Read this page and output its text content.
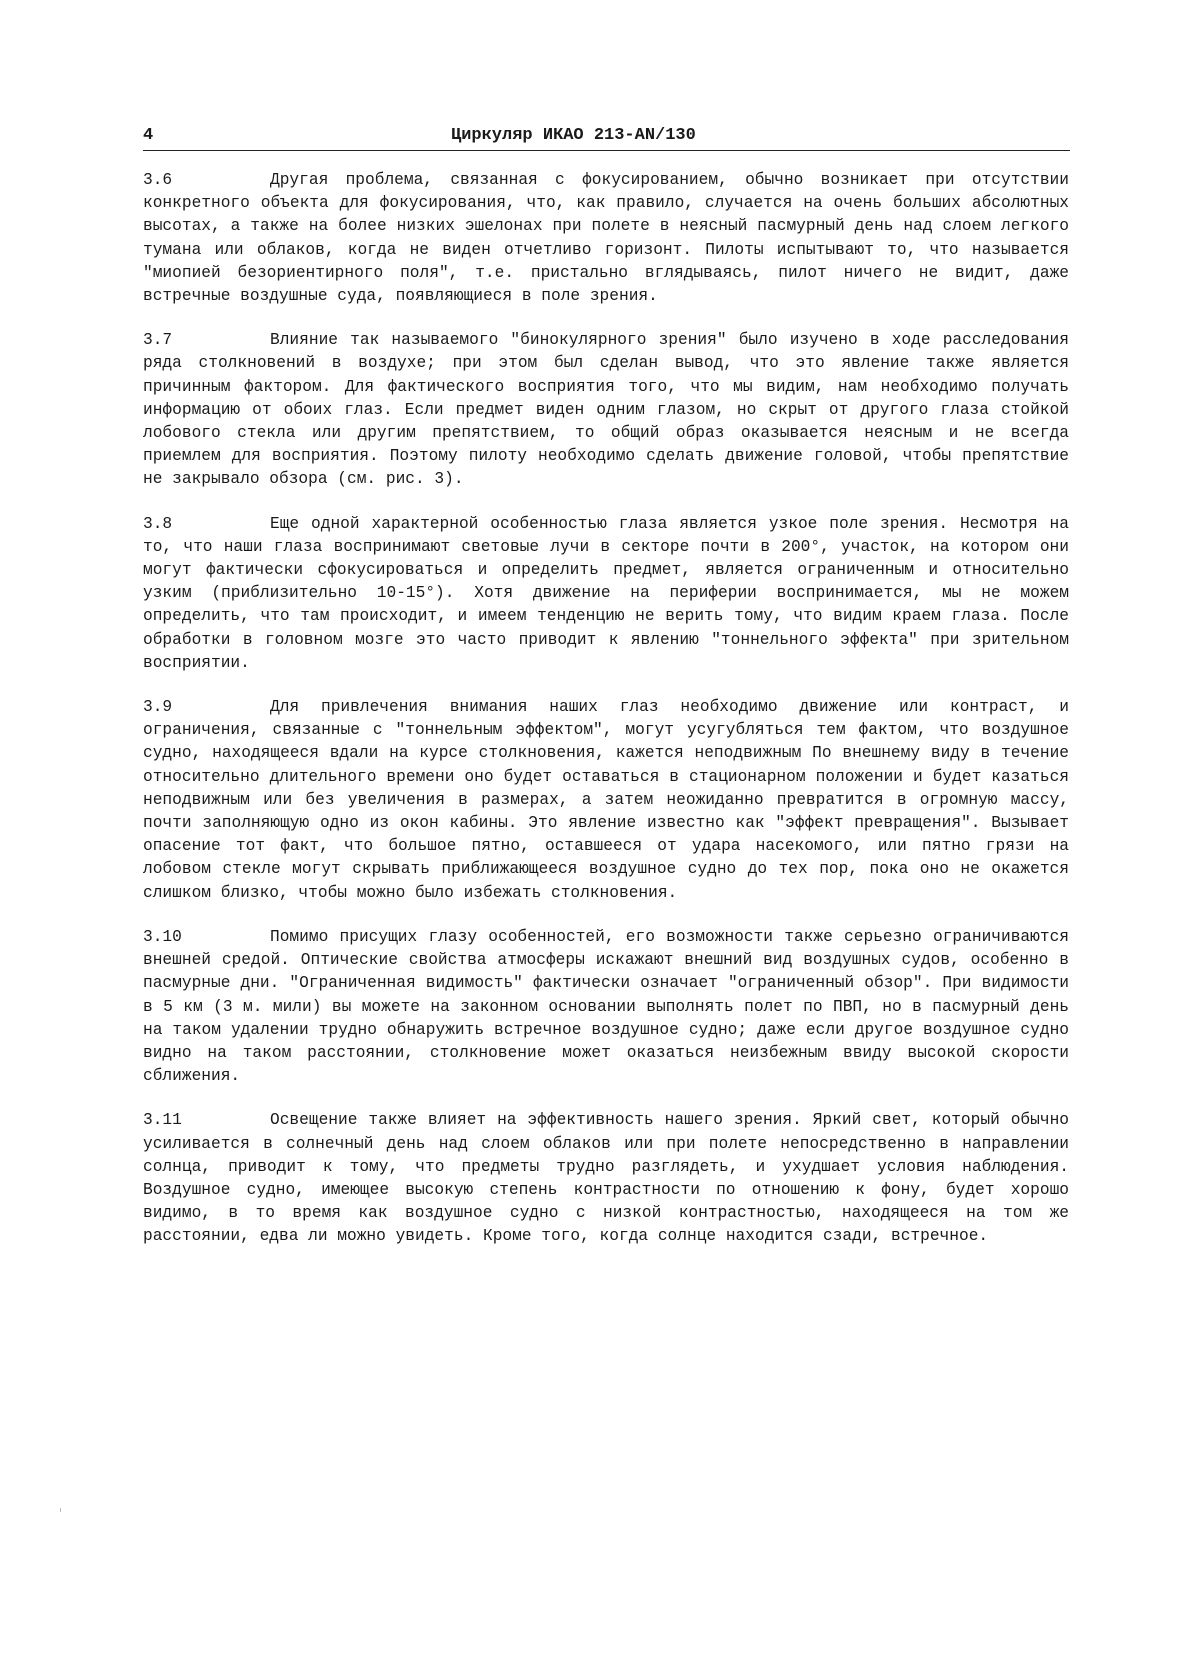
4	Циркуляр ИКАО 213-AN/130

3.6	Другая проблема, связанная с фокусированием, обычно возникает при отсутствии конкретного объекта для фокусирования, что, как правило, случается на очень больших абсолютных высотах, а также на более низких эшелонах при полете в неясный пасмурный день над слоем легкого тумана или облаков, когда не виден отчетливо горизонт. Пилоты испытывают то, что называется "миопией безориентирного поля", т.е. пристально вглядываясь, пилот ничего не видит, даже встречные воздушные суда, появляющиеся в поле зрения.

3.7	Влияние так называемого "бинокулярного зрения" было изучено в ходе расследования ряда столкновений в воздухе; при этом был сделан вывод, что это явление также является причинным фактором. Для фактического восприятия того, что мы видим, нам необходимо получать информацию от обоих глаз. Если предмет виден одним глазом, но скрыт от другого глаза стойкой лобового стекла или другим препятствием, то общий образ оказывается неясным и не всегда приемлем для восприятия. Поэтому пилоту необходимо сделать движение головой, чтобы препятствие не закрывало обзора (см. рис. 3).

3.8	Еще одной характерной особенностью глаза является узкое поле зрения. Несмотря на то, что наши глаза воспринимают световые лучи в секторе почти в 200°, участок, на котором они могут фактически сфокусироваться и определить предмет, является ограниченным и относительно узким (приблизительно 10-15°). Хотя движение на периферии воспринимается, мы не можем определить, что там происходит, и имеем тенденцию не верить тому, что видим краем глаза. После обработки в головном мозге это часто приводит к явлению "тоннельного эффекта" при зрительном восприятии.

3.9	Для привлечения внимания наших глаз необходимо движение или контраст, и ограничения, связанные с "тоннельным эффектом", могут усугубляться тем фактом, что воздушное судно, находящееся вдали на курсе столкновения, кажется неподвижным По внешнему виду в течение относительно длительного времени оно будет оставаться в стационарном положении и будет казаться неподвижным или без увеличения в размерах, а затем неожиданно превратится в огромную массу, почти заполняющую одно из окон кабины. Это явление известно как "эффект превращения". Вызывает опасение тот факт, что большое пятно, оставшееся от удара насекомого, или пятно грязи на лобовом стекле могут скрывать приближающееся воздушное судно до тех пор, пока оно не окажется слишком близко, чтобы можно было избежать столкновения.

3.10	Помимо присущих глазу особенностей, его возможности также серьезно ограничиваются внешней средой. Оптические свойства атмосферы искажают внешний вид воздушных судов, особенно в пасмурные дни. "Ограниченная видимость" фактически означает "ограниченный обзор". При видимости в 5 км (3 м. мили) вы можете на законном основании выполнять полет по ПВП, но в пасмурный день на таком удалении трудно обнаружить встречное воздушное судно; даже если другое воздушное судно видно на таком расстоянии, столкновение может оказаться неизбежным ввиду высокой скорости сближения.

3.11	Освещение также влияет на эффективность нашего зрения. Яркий свет, который обычно усиливается в солнечный день над слоем облаков или при полете непосредственно в направлении солнца, приводит к тому, что предметы трудно разглядеть, и ухудшает условия наблюдения. Воздушное судно, имеющее высокую степень контрастности по отношению к фону, будет хорошо видимо, в то время как воздушное судно с низкой контрастностью, находящееся на том же расстоянии, едва ли можно увидеть. Кроме того, когда солнце находится сзади, встречное.
